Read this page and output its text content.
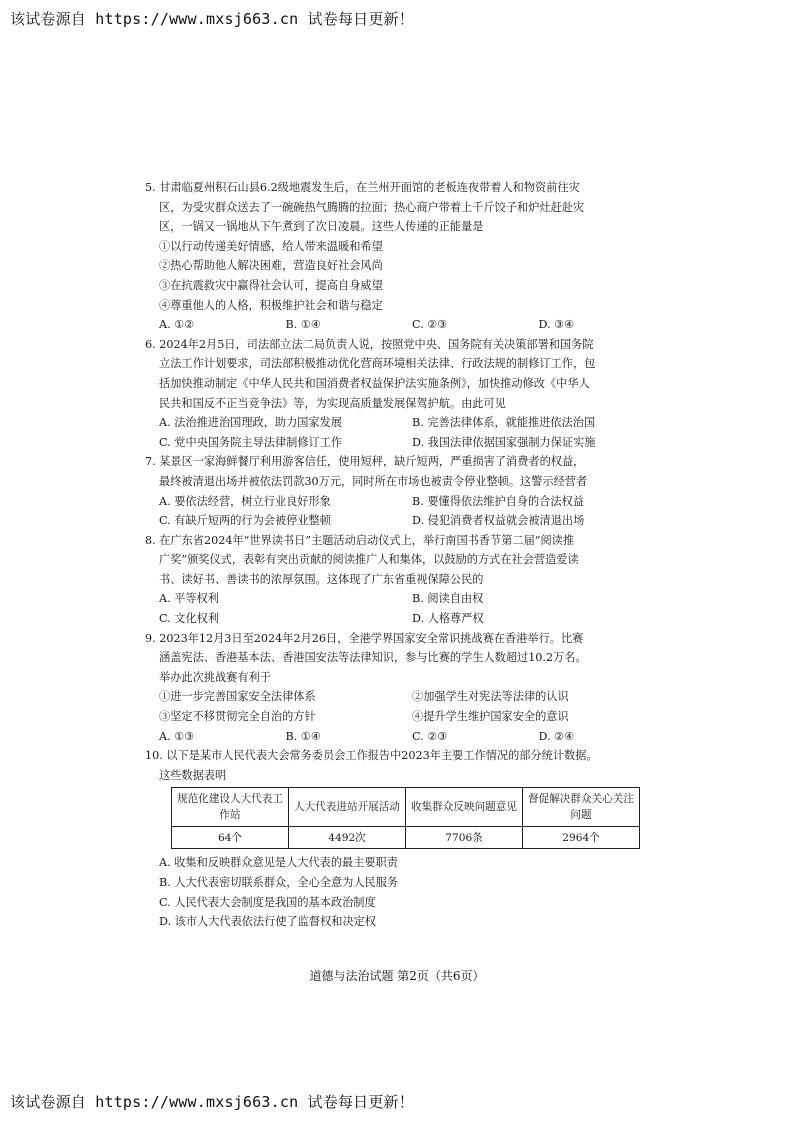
该试卷源自 https://www.mxsj663.cn 试卷每日更新！
5. 甘肃临夏州积石山县6.2级地震发生后，在兰州开面馆的老板连夜带着人和物资前往灾
区，为受灾群众送去了一碗碗热气腾腾的拉面；热心商户带着上千斤饺子和炉灶赶赴灾
区，一锅又一锅地从下午煮到了次日凌晨。这些人传递的正能量是
①以行动传递美好情感，给人带来温暖和希望
②热心帮助他人解决困难，营造良好社会风尚
③在抗震救灾中赢得社会认可，提高自身威望
④尊重他人的人格，积极维护社会和谐与稳定
A. ①②	B. ①④	C. ②③	D. ③④
6. 2024年2月5日，司法部立法二局负责人说，按照党中央、国务院有关决策部署和国务院
立法工作计划要求，司法部积极推动优化营商环境相关法律、行政法规的制修订工作，包
括加快推动制定《中华人民共和国消费者权益保护法实施条例》，加快推动修改《中华人
民共和国反不正当竞争法》等，为实现高质量发展保驾护航。由此可见
A. 法治推进治国理政，助力国家发展	B. 完善法律体系，就能推进依法治国
C. 党中央国务院主导法律制修订工作	D. 我国法律依据国家强制力保证实施
7. 某景区一家海鲜餐厅利用游客信任，使用短秤，缺斤短两，严重损害了消费者的权益，
最终被清退出场并被依法罚款30万元，同时所在市场也被责令停业整顿。这警示经营者
A. 要依法经营，树立行业良好形象	B. 要懂得依法维护自身的合法权益
C. 有缺斤短两的行为会被停业整顿	D. 侵犯消费者权益就会被清退出场
8. 在广东省2024年“世界读书日”主题活动启动仪式上，举行南国书香节第二届“阅读推
广奖”颁奖仪式，表彰有突出贡献的阅读推广人和集体，以鼓励的方式在社会营造爱读
书、读好书、善读书的浓厚氛围。这体现了广东省重视保障公民的
A. 平等权利	B. 阅读自由权
C. 文化权利	D. 人格尊严权
9. 2023年12月3日至2024年2月26日，全港学界国家安全常识挑战赛在香港举行。比赛
涵盖宪法、香港基本法、香港国安法等法律知识，参与比赛的学生人数超过10.2万名。
举办此次挑战赛有利于
①进一步完善国家安全法律体系	②加强学生对宪法等法律的认识
③坚定不移贯彻完全自治的方针	④提升学生维护国家安全的意识
A. ①③	B. ①④	C. ②③	D. ②④
10. 以下是某市人民代表大会常务委员会工作报告中2023年主要工作情况的部分统计数据。
这些数据表明
规范化建设人大代表工作站	人大代表进站开展活动	收集群众反映问题意见	督促解决群众关心关注问题
64个	4492次	7706条	2964个
A. 收集和反映群众意见是人大代表的最主要职责
B. 人大代表密切联系群众，全心全意为人民服务
C. 人民代表大会制度是我国的基本政治制度
D. 该市人大代表依法行使了监督权和决定权
道德与法治试题 第2页（共6页）
该试卷源自 https://www.mxsj663.cn 试卷每日更新！
